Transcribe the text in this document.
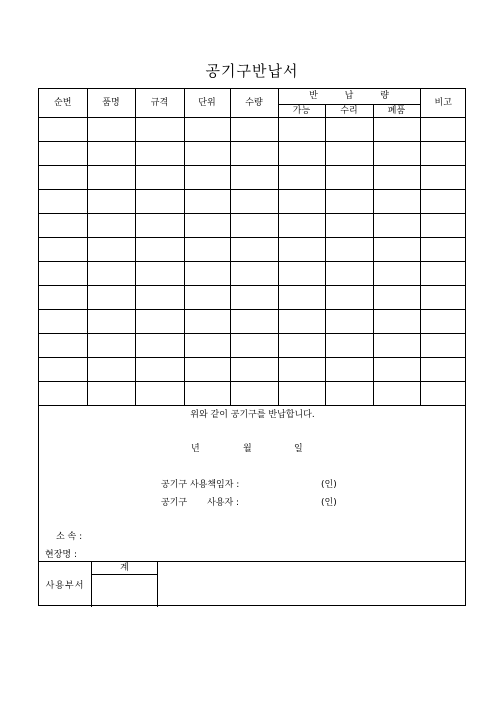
공기구반납서
순번	품명	규격	단위	수량	반 납 량			비고
					가능	수리	폐품	

위와 같이 공기구를 반납합니다.
년	월	일
공기구 사용책임자 :	(인)
공기구       사용자 :	(인)
소 속 :
현장명 :
사용부서
계
